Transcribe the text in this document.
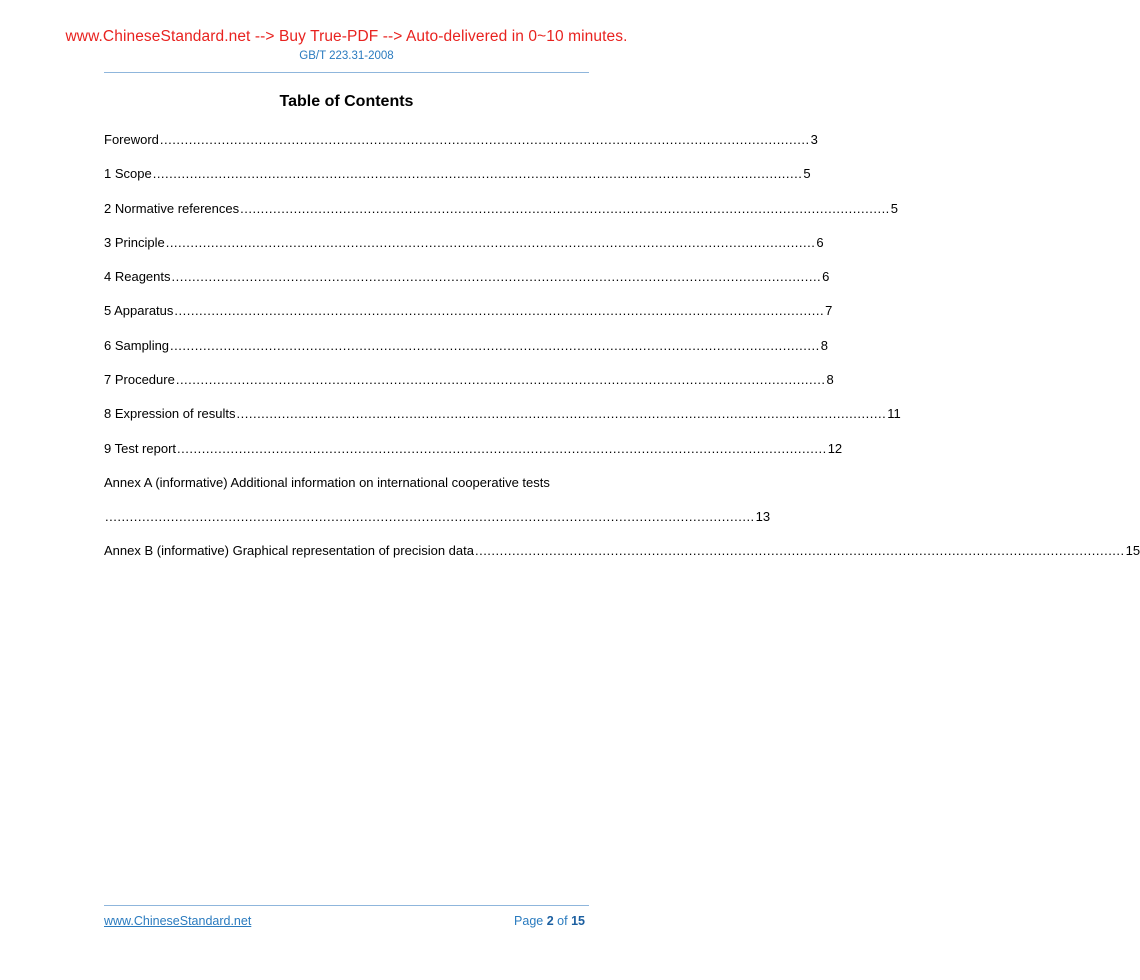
www.ChineseStandard.net --> Buy True-PDF --> Auto-delivered in 0~10 minutes.
GB/T 223.31-2008
Table of Contents
Foreword .............................................................................................................................................................. 3
1 Scope .............................................................................................................................................................. 5
2 Normative references .............................................................................................................................................................. 5
3 Principle .............................................................................................................................................................. 6
4 Reagents .............................................................................................................................................................. 6
5 Apparatus .............................................................................................................................................................. 7
6 Sampling .............................................................................................................................................................. 8
7 Procedure .............................................................................................................................................................. 8
8 Expression of results .............................................................................................................................................................. 11
9 Test report .............................................................................................................................................................. 12
Annex A (informative) Additional information on international cooperative tests
.............................................................................................................................................................. 13
Annex B (informative) Graphical representation of precision data .............................................................................................................................................................. 15
www.ChineseStandard.net	Page 2 of 15
